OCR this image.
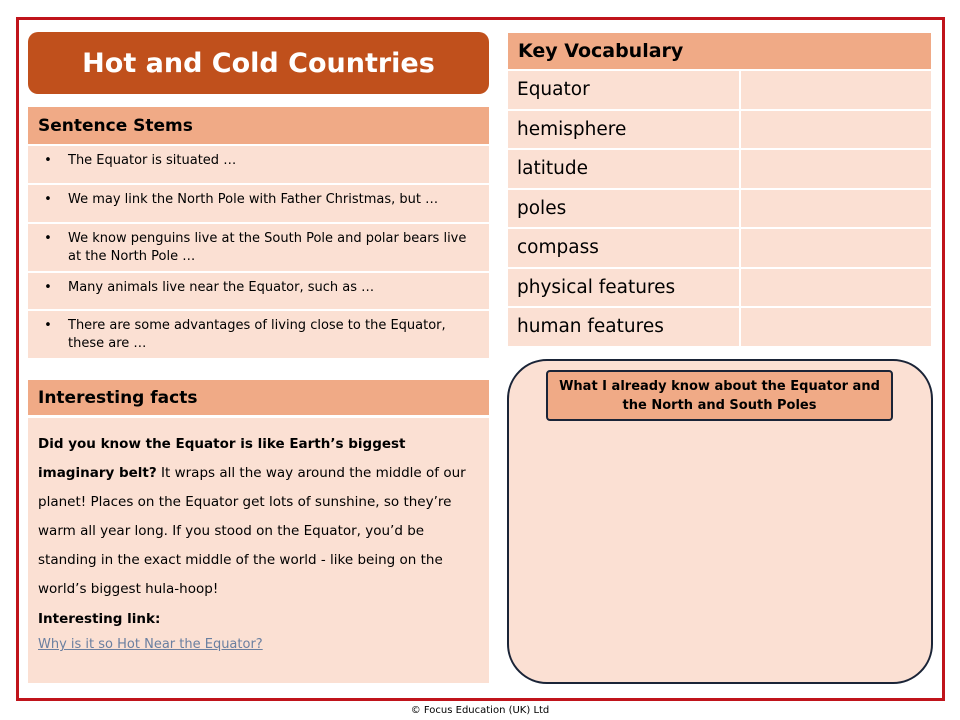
Hot and Cold Countries
Sentence Stems
•	The Equator is situated …
•	We may link the North Pole with Father Christmas, but …
•	We know penguins live at the South Pole and polar bears live at the North Pole …
•	Many animals live near the Equator, such as …
•	There are some advantages of living close to the Equator, these are …
Interesting facts

Did you know the Equator is like Earth’s biggest imaginary belt? It wraps all the way around the middle of our planet! Places on the Equator get lots of sunshine, so they’re warm all year long. If you stood on the Equator, you’d be standing in the exact middle of the world - like being on the world’s biggest hula-hoop!

Interesting link:

Why is it so Hot Near the Equator?
Key Vocabulary
Equator
hemisphere
latitude
poles
compass
physical features
human features
What I already know about the Equator and the North and South Poles
© Focus Education (UK) Ltd
